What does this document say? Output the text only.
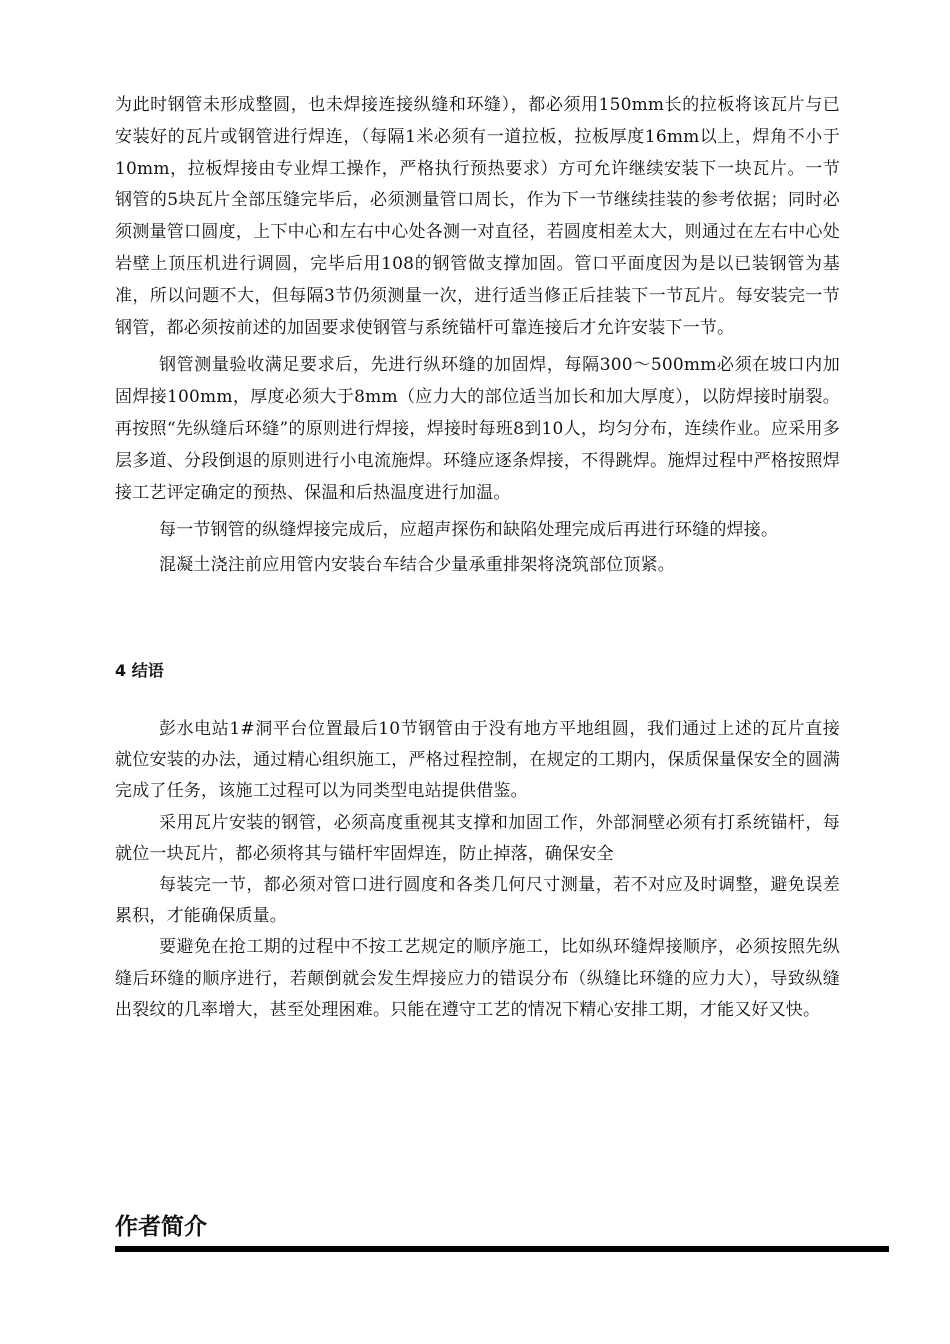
为此时钢管未形成整圆，也未焊接连接纵缝和环缝），都必须用150mm长的拉板将该瓦片与已安装好的瓦片或钢管进行焊连，（每隔1米必须有一道拉板，拉板厚度16mm以上，焊角不小于10mm，拉板焊接由专业焊工操作，严格执行预热要求）方可允许继续安装下一块瓦片。一节钢管的5块瓦片全部压缝完毕后，必须测量管口周长，作为下一节继续挂装的参考依据；同时必须测量管口圆度，上下中心和左右中心处各测一对直径，若圆度相差太大，则通过在左右中心处岩壁上顶压机进行调圆，完毕后用108的钢管做支撑加固。管口平面度因为是以已装钢管为基准，所以问题不大，但每隔3节仍须测量一次，进行适当修正后挂装下一节瓦片。每安装完一节钢管，都必须按前述的加固要求使钢管与系统锚杆可靠连接后才允许安装下一节。

钢管测量验收满足要求后，先进行纵环缝的加固焊，每隔300～500mm必须在坡口内加固焊接100mm，厚度必须大于8mm（应力大的部位适当加长和加大厚度），以防焊接时崩裂。再按照“先纵缝后环缝”的原则进行焊接，焊接时每班8到10人，均匀分布，连续作业。应采用多层多道、分段倒退的原则进行小电流施焊。环缝应逐条焊接，不得跳焊。施焊过程中严格按照焊接工艺评定确定的预热、保温和后热温度进行加温。

每一节钢管的纵缝焊接完成后，应超声探伤和缺陷处理完成后再进行环缝的焊接。

混凝土浇注前应用管内安装台车结合少量承重排架将浇筑部位顶紧。

4 结语

彭水电站1#洞平台位置最后10节钢管由于没有地方平地组圆，我们通过上述的瓦片直接就位安装的办法，通过精心组织施工，严格过程控制，在规定的工期内，保质保量保安全的圆满完成了任务，该施工过程可以为同类型电站提供借鉴。

采用瓦片安装的钢管，必须高度重视其支撑和加固工作，外部洞壁必须有打系统锚杆，每就位一块瓦片，都必须将其与锚杆牢固焊连，防止掉落，确保安全

每装完一节，都必须对管口进行圆度和各类几何尺寸测量，若不对应及时调整，避免误差累积，才能确保质量。

要避免在抢工期的过程中不按工艺规定的顺序施工，比如纵环缝焊接顺序，必须按照先纵缝后环缝的顺序进行，若颠倒就会发生焊接应力的错误分布（纵缝比环缝的应力大），导致纵缝出裂纹的几率增大，甚至处理困难。只能在遵守工艺的情况下精心安排工期，才能又好又快。

作者简介
